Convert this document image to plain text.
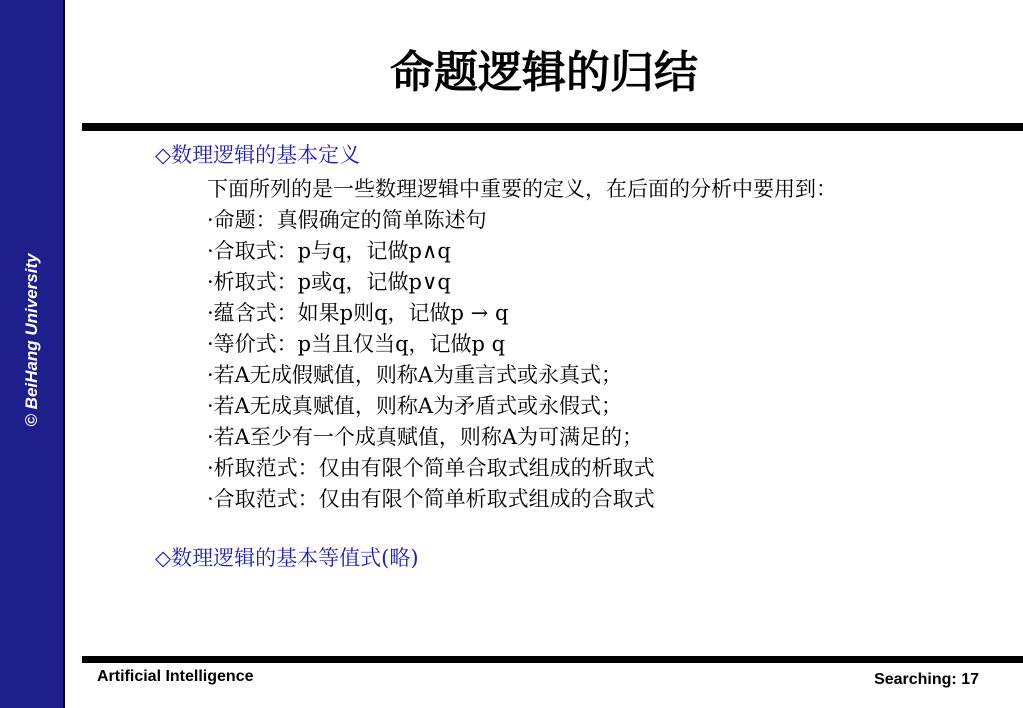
© BeiHang University
命题逻辑的归结
◇数理逻辑的基本定义

下面所列的是一些数理逻辑中重要的定义，在后面的分析中要用到：

·命题：真假确定的简单陈述句
·合取式：p与q，记做p∧q
·析取式：p或q，记做p∨q
·蕴含式：如果p则q，记做p → q
·等价式：p当且仅当q，记做p q
·若A无成假赋值，则称A为重言式或永真式；
·若A无成真赋值，则称A为矛盾式或永假式；
·若A至少有一个成真赋值，则称A为可满足的；
·析取范式：仅由有限个简单合取式组成的析取式
·合取范式：仅由有限个简单析取式组成的合取式
◇数理逻辑的基本等值式(略)
Artificial Intelligence	Searching: 17
